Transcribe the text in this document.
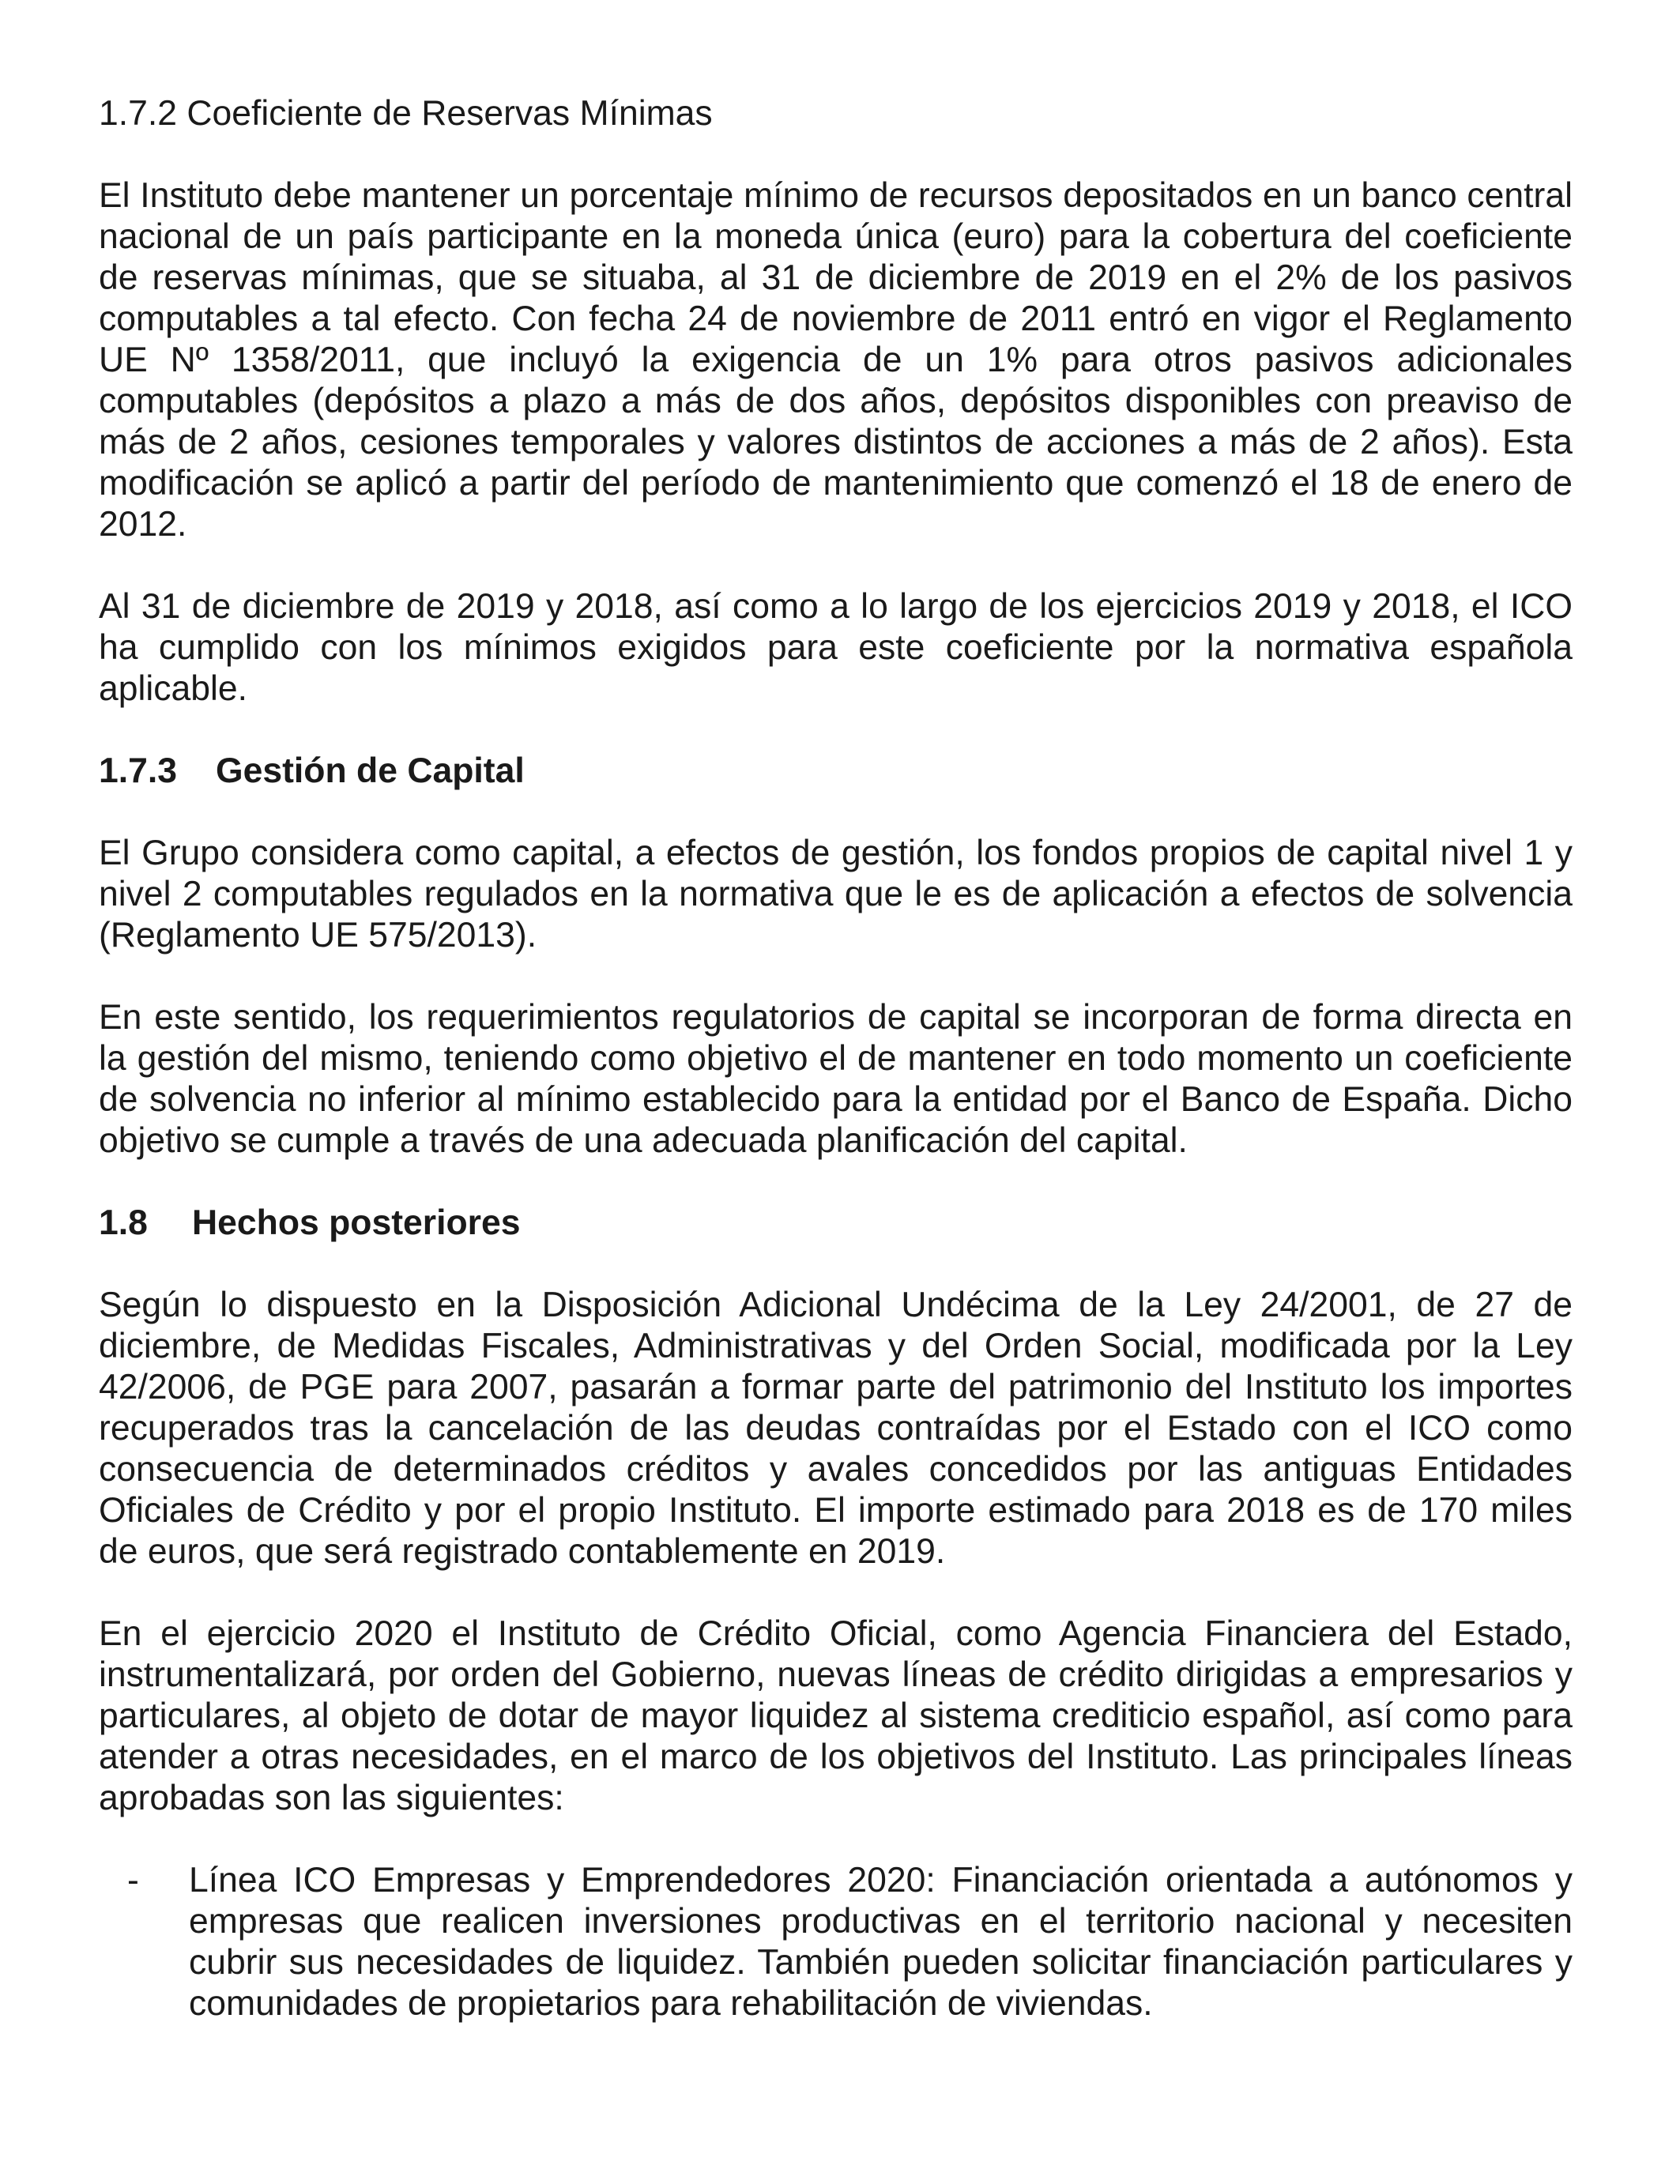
1.7.2 Coeficiente de Reservas Mínimas

El Instituto debe mantener un porcentaje mínimo de recursos depositados en un banco central nacional de un país participante en la moneda única (euro) para la cobertura del coeficiente de reservas mínimas, que se situaba, al 31 de diciembre de 2019 en el 2% de los pasivos computables a tal efecto. Con fecha 24 de noviembre de 2011 entró en vigor el Reglamento UE Nº 1358/2011, que incluyó la exigencia de un 1% para otros pasivos adicionales computables (depósitos a plazo a más de dos años, depósitos disponibles con preaviso de más de 2 años, cesiones temporales y valores distintos de acciones a más de 2 años). Esta modificación se aplicó a partir del período de mantenimiento que comenzó el 18 de enero de 2012.

Al 31 de diciembre de 2019 y 2018, así como a lo largo de los ejercicios 2019 y 2018, el ICO ha cumplido con los mínimos exigidos para este coeficiente por la normativa española aplicable.

1.7.3	Gestión de Capital

El Grupo considera como capital, a efectos de gestión, los fondos propios de capital nivel 1 y nivel 2 computables regulados en la normativa que le es de aplicación a efectos de solvencia (Reglamento UE 575/2013).

En este sentido, los requerimientos regulatorios de capital se incorporan de forma directa en la gestión del mismo, teniendo como objetivo el de mantener en todo momento un coeficiente de solvencia no inferior al mínimo establecido para la entidad por el Banco de España. Dicho objetivo se cumple a través de una adecuada planificación del capital.

1.8	Hechos posteriores

Según lo dispuesto en la Disposición Adicional Undécima de la Ley 24/2001, de 27 de diciembre, de Medidas Fiscales, Administrativas y del Orden Social, modificada por la Ley 42/2006, de PGE para 2007, pasarán a formar parte del patrimonio del Instituto los importes recuperados tras la cancelación de las deudas contraídas por el Estado con el ICO como consecuencia de determinados créditos y avales concedidos por las antiguas Entidades Oficiales de Crédito y por el propio Instituto. El importe estimado para 2018 es de 170 miles de euros, que será registrado contablemente en 2019.

En el ejercicio 2020 el Instituto de Crédito Oficial, como Agencia Financiera del Estado, instrumentalizará, por orden del Gobierno, nuevas líneas de crédito dirigidas a empresarios y particulares, al objeto de dotar de mayor liquidez al sistema crediticio español, así como para atender a otras necesidades, en el marco de los objetivos del Instituto. Las principales líneas aprobadas son las siguientes:

-	Línea ICO Empresas y Emprendedores 2020: Financiación orientada a autónomos y empresas que realicen inversiones productivas en el territorio nacional y necesiten cubrir sus necesidades de liquidez. También pueden solicitar financiación particulares y comunidades de propietarios para rehabilitación de viviendas.
